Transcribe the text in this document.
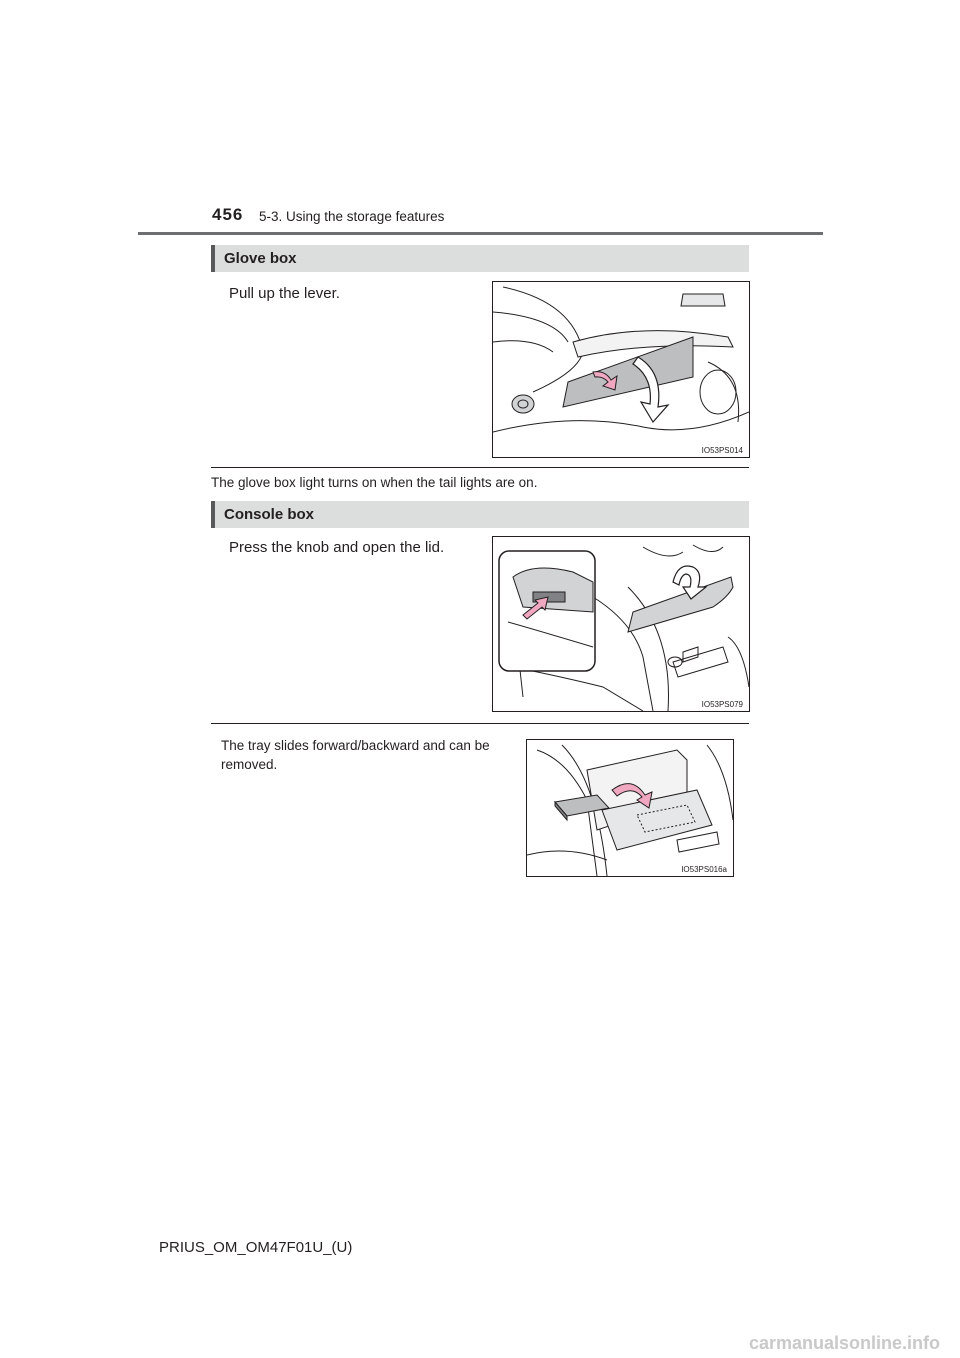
456 5-3. Using the storage features
Glove box
Pull up the lever.
IO53PS014
The glove box light turns on when the tail lights are on.
Console box
Press the knob and open the lid.
IO53PS079
The tray slides forward/backward and can be removed.
IO53PS016a
PRIUS_OM_OM47F01U_(U)
carmanualsonline.info
